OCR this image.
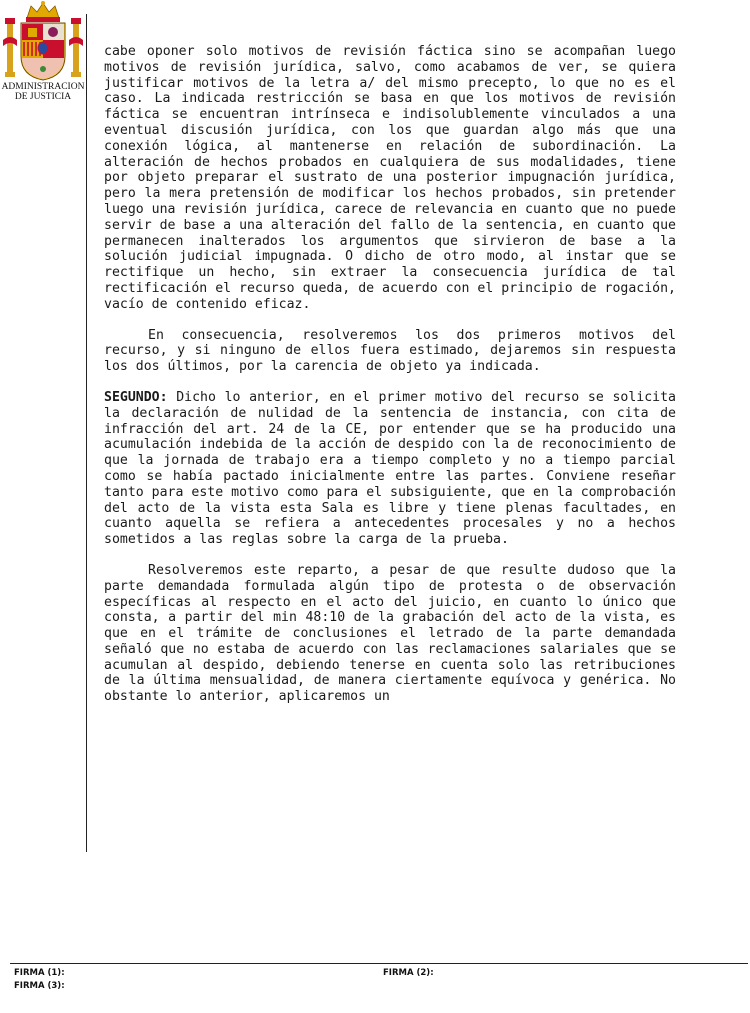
ADMINISTRACION
DE JUSTICIA

cabe oponer solo motivos de revisión fáctica sino se acompañan luego motivos de revisión jurídica, salvo, como acabamos de ver, se quiera justificar motivos de la letra a/ del mismo precepto, lo que no es el caso. La indicada restricción se basa en que los motivos de revisión fáctica se encuentran intrínseca e indisolublemente vinculados a una eventual discusión jurídica, con los que guardan algo más que una conexión lógica, al mantenerse en relación de subordinación. La alteración de hechos probados en cualquiera de sus modalidades, tiene por objeto preparar el sustrato de una posterior impugnación jurídica, pero la mera pretensión de modificar los hechos probados, sin pretender luego una revisión jurídica, carece de relevancia en cuanto que no puede servir de base a una alteración del fallo de la sentencia, en cuanto que permanecen inalterados los argumentos que sirvieron de base a la solución judicial impugnada. O dicho de otro modo, al instar que se rectifique un hecho, sin extraer la consecuencia jurídica de tal rectificación el recurso queda, de acuerdo con el principio de rogación, vacío de contenido eficaz.

En consecuencia, resolveremos los dos primeros motivos del recurso, y si ninguno de ellos fuera estimado, dejaremos sin respuesta los dos últimos, por la carencia de objeto ya indicada.

SEGUNDO: Dicho lo anterior, en el primer motivo del recurso se solicita la declaración de nulidad de la sentencia de instancia, con cita de infracción del art. 24 de la CE, por entender que se ha producido una acumulación indebida de la acción de despido con la de reconocimiento de que la jornada de trabajo era a tiempo completo y no a tiempo parcial como se había pactado inicialmente entre las partes. Conviene reseñar tanto para este motivo como para el subsiguiente, que en la comprobación del acto de la vista esta Sala es libre y tiene plenas facultades, en cuanto aquella se refiera a antecedentes procesales y no a hechos sometidos a las reglas sobre la carga de la prueba.

Resolveremos este reparto, a pesar de que resulte dudoso que la parte demandada formulada algún tipo de protesta o de observación específicas al respecto en el acto del juicio, en cuanto lo único que consta, a partir del min 48:10 de la grabación del acto de la vista, es que en el trámite de conclusiones el letrado de la parte demandada señaló que no estaba de acuerdo con las reclamaciones salariales que se acumulan al despido, debiendo tenerse en cuenta solo las retribuciones de la última mensualidad, de manera ciertamente equívoca y genérica. No obstante lo anterior, aplicaremos un

FIRMA (1):	FIRMA (2):
FIRMA (3):
